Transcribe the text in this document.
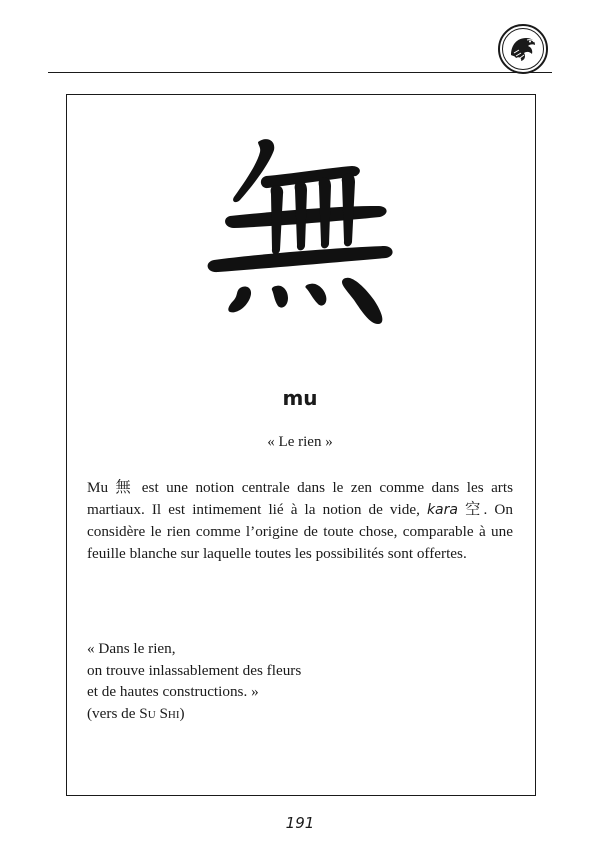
mu
« Le rien »
Mu 無 est une notion centrale dans le zen comme dans les arts martiaux. Il est intimement lié à la notion de vide, kara 空. On considère le rien comme l’origine de toute chose, comparable à une feuille blanche sur laquelle toutes les possibilités sont offertes.
« Dans le rien,
on trouve inlassablement des fleurs
et de hautes constructions. »
(vers de Su Shi)
191
